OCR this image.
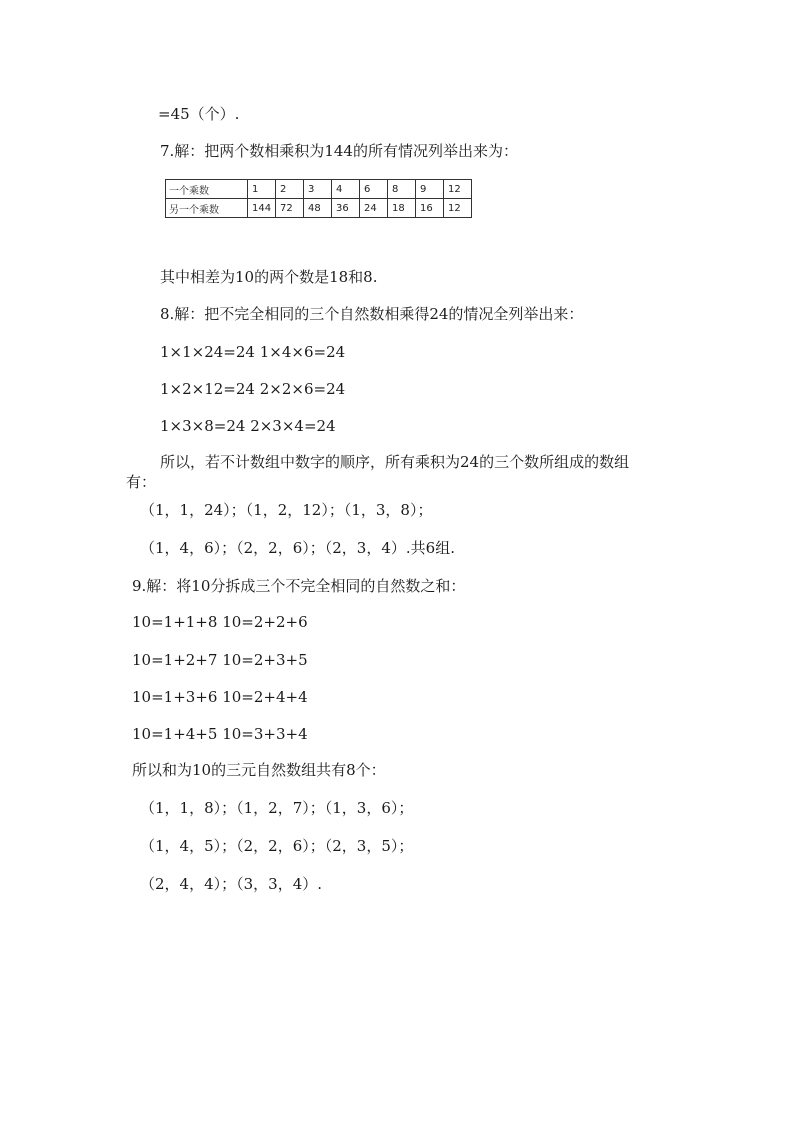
=45（个）.
7.解：把两个数相乘积为144的所有情况列举出来为：
一个乘数	1	2	3	4	6	8	9	12
另一个乘数	144	72	48	36	24	18	16	12
其中相差为10的两个数是18和8.
8.解：把不完全相同的三个自然数相乘得24的情况全列举出来：
1×1×24=24 1×4×6=24
1×2×12=24 2×2×6=24
1×3×8=24 2×3×4=24
所以，若不计数组中数字的顺序，所有乘积为24的三个数所组成的数组
有：
（1，1，24）；（1，2，12）；（1，3，8）；
（1，4，6）；（2，2，6）；（2，3，4）.共6组.
9.解：将10分拆成三个不完全相同的自然数之和：
10=1+1+8 10=2+2+6
10=1+2+7 10=2+3+5
10=1+3+6 10=2+4+4
10=1+4+5 10=3+3+4
所以和为10的三元自然数组共有8个：
（1，1，8）；（1，2，7）；（1，3，6）；
（1，4，5）；（2，2，6）；（2，3，5）；
（2，4，4）；（3，3，4）.
